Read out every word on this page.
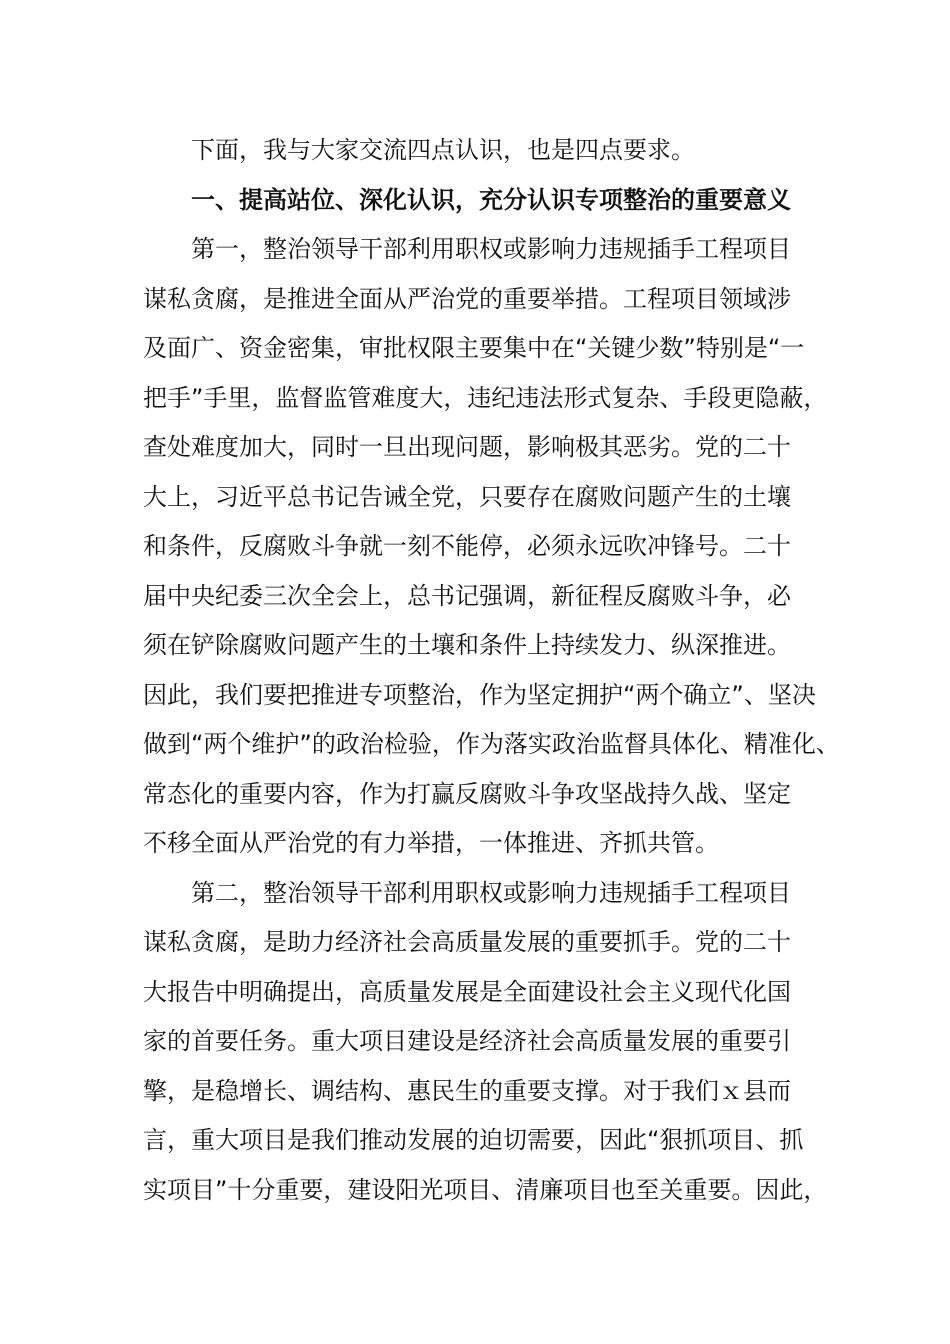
下面，我与大家交流四点认识，也是四点要求。
一、提高站位、深化认识，充分认识专项整治的重要意义
第一，整治领导干部利用职权或影响力违规插手工程项目
谋私贪腐，是推进全面从严治党的重要举措。工程项目领域涉
及面广、资金密集，审批权限主要集中在“关键少数”特别是“一
把手”手里，监督监管难度大，违纪违法形式复杂、手段更隐蔽，
查处难度加大，同时一旦出现问题，影响极其恶劣。党的二十
大上，习近平总书记告诫全党，只要存在腐败问题产生的土壤
和条件，反腐败斗争就一刻不能停，必须永远吹冲锋号。二十
届中央纪委三次全会上，总书记强调，新征程反腐败斗争，必
须在铲除腐败问题产生的土壤和条件上持续发力、纵深推进。
因此，我们要把推进专项整治，作为坚定拥护“两个确立”、坚决
做到“两个维护”的政治检验，作为落实政治监督具体化、精准化、
常态化的重要内容，作为打赢反腐败斗争攻坚战持久战、坚定
不移全面从严治党的有力举措，一体推进、齐抓共管。
第二，整治领导干部利用职权或影响力违规插手工程项目
谋私贪腐，是助力经济社会高质量发展的重要抓手。党的二十
大报告中明确提出，高质量发展是全面建设社会主义现代化国
家的首要任务。重大项目建设是经济社会高质量发展的重要引
擎，是稳增长、调结构、惠民生的重要支撑。对于我们ｘ县而
言，重大项目是我们推动发展的迫切需要，因此“狠抓项目、抓
实项目”十分重要，建设阳光项目、清廉项目也至关重要。因此，
